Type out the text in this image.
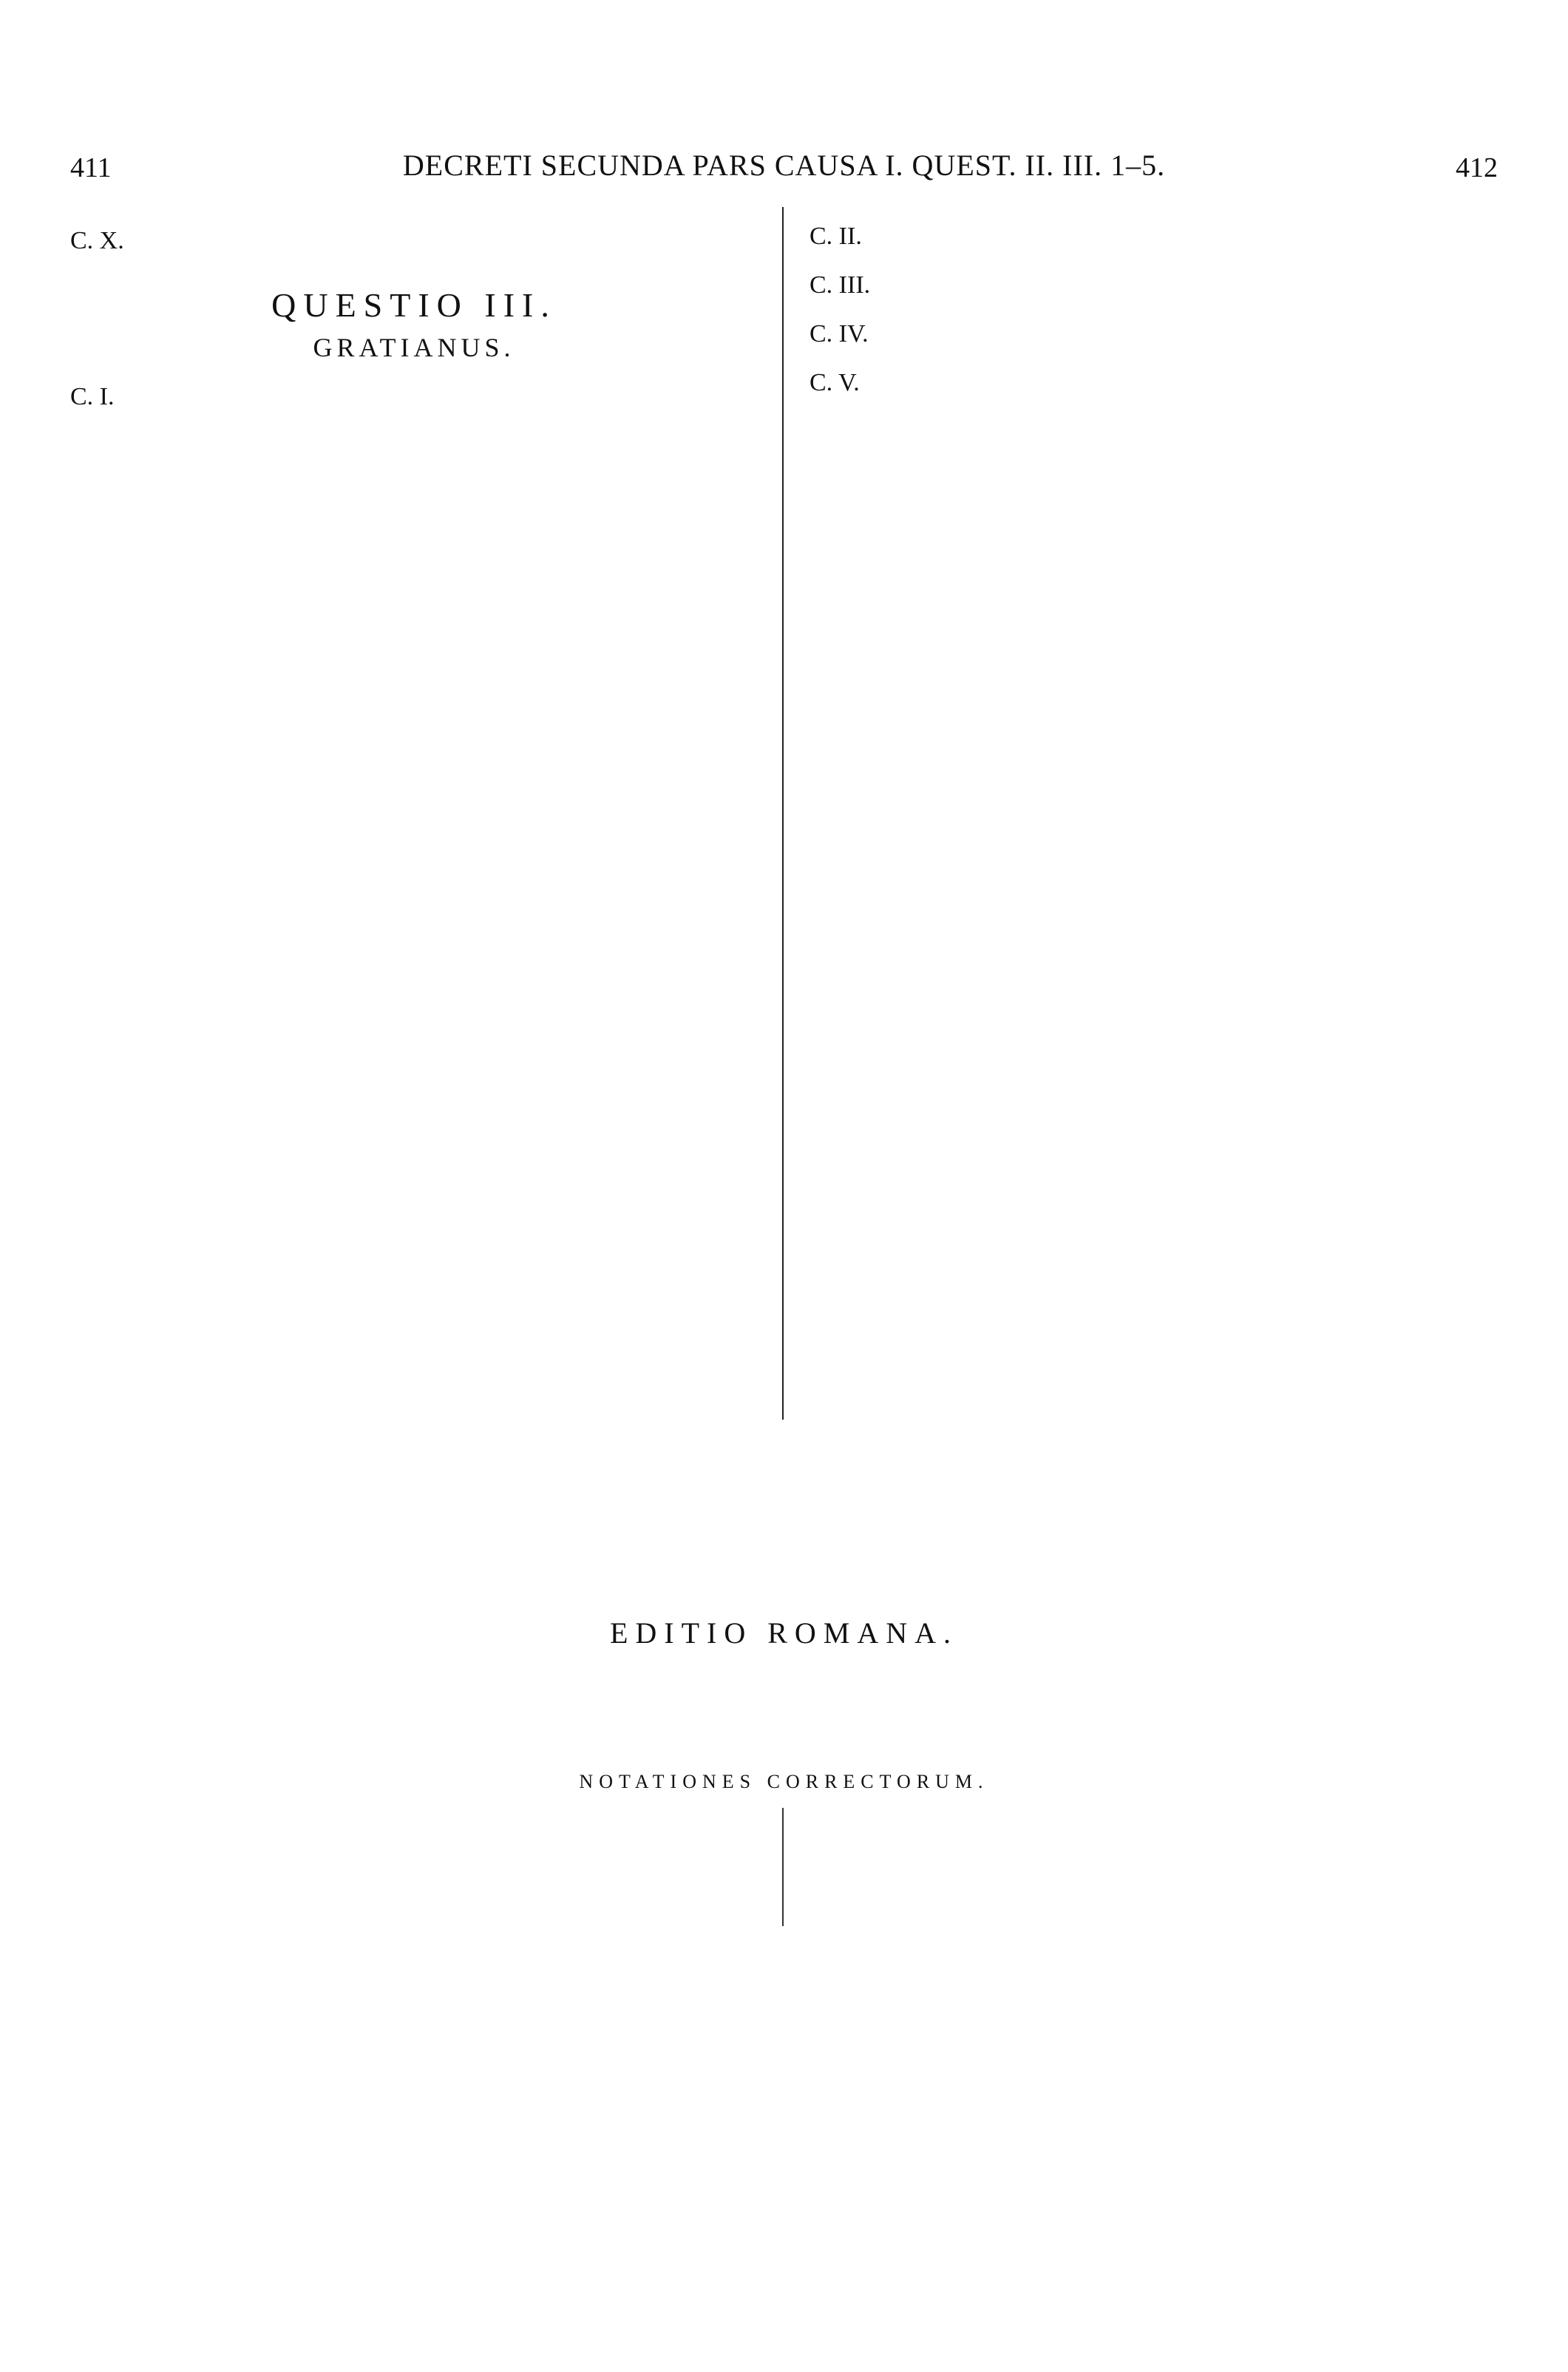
411	DECRETI SECUNDA PARS CAUSA I. QUEST. II. III. 1–5.	412

C. X.

QUESTIO III.
GRATIANUS.

C. I.

C. II.

C. III.

C. IV.

C. V.

EDITIO ROMANA.
NOTATIONES CORRECTORUM.
